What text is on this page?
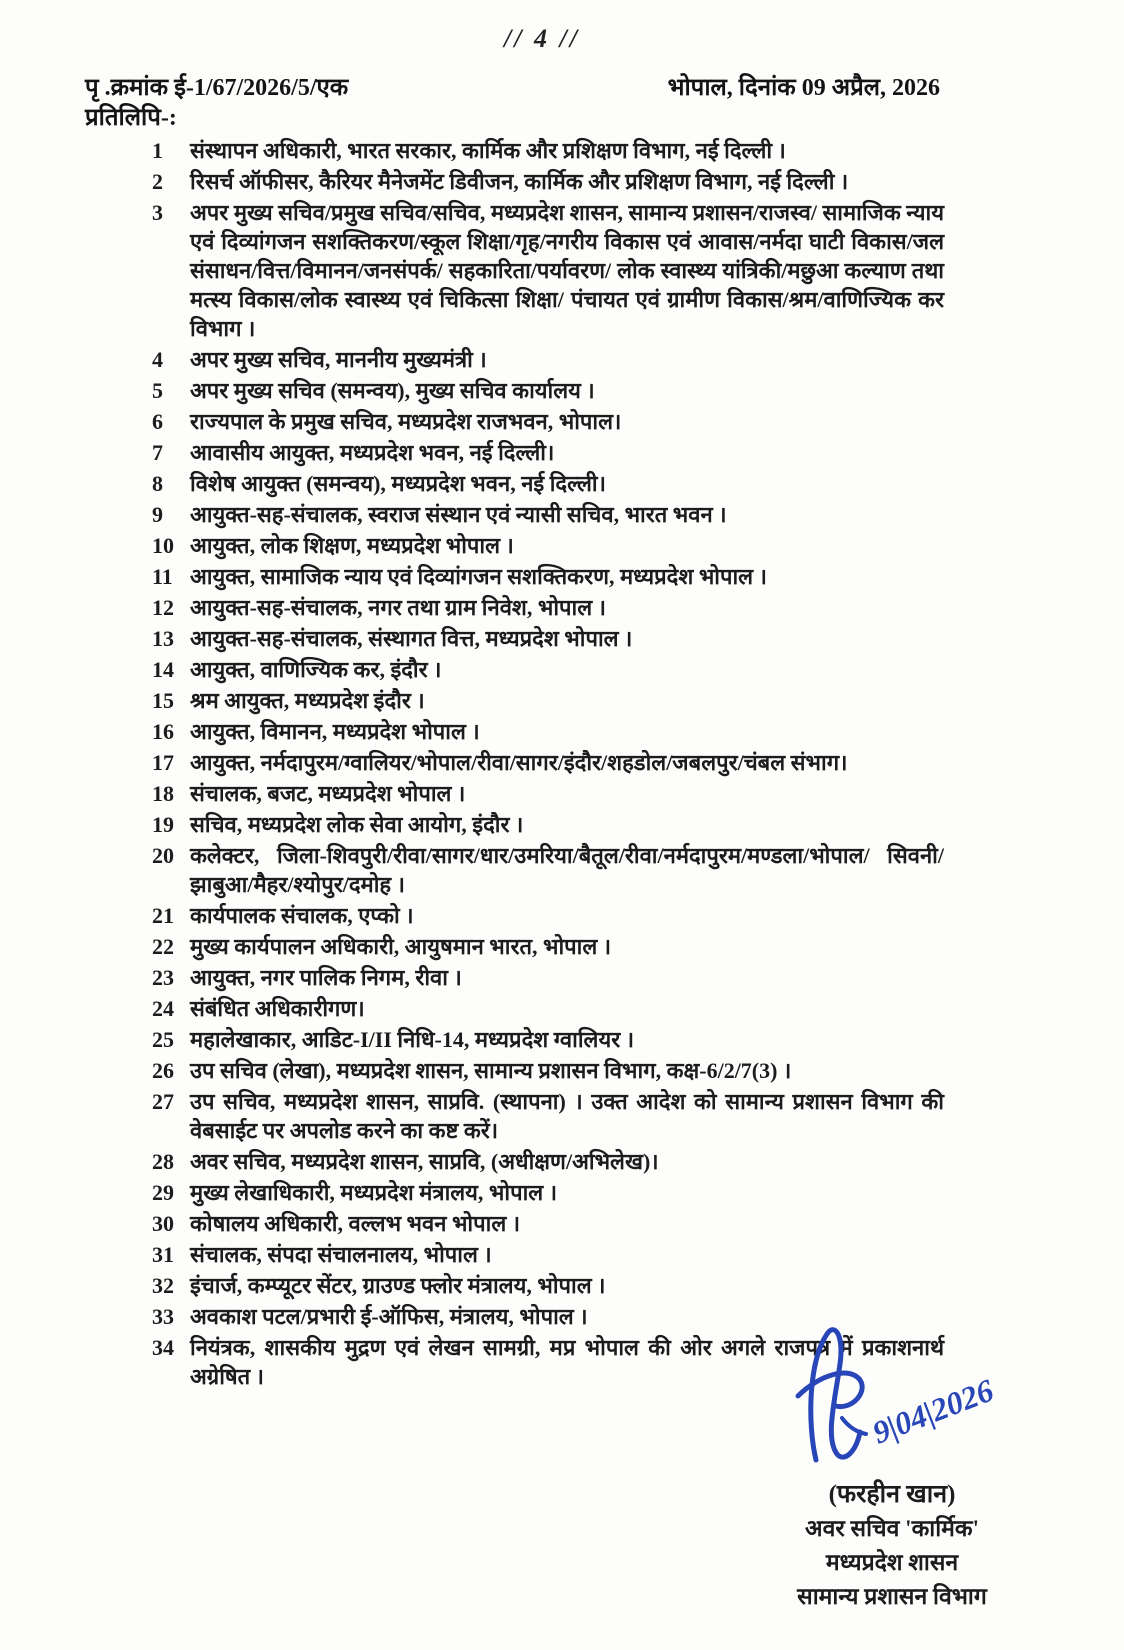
// 4 //
पृ .क्रमांक ई-1/67/2026/5/एक	भोपाल, दिनांक 09 अप्रैल, 2026
प्रतिलिपि-:
1	संस्थापन अधिकारी, भारत सरकार, कार्मिक और प्रशिक्षण विभाग, नई दिल्ली ।
2	रिसर्च ऑफीसर, कैरियर मैनेजमेंट डिवीजन, कार्मिक और प्रशिक्षण विभाग, नई दिल्ली ।
3	अपर मुख्य सचिव/प्रमुख सचिव/सचिव, मध्यप्रदेश शासन, सामान्य प्रशासन/राजस्व/ सामाजिक न्याय एवं दिव्यांगजन सशक्तिकरण/स्कूल शिक्षा/गृह/नगरीय विकास एवं आवास/नर्मदा घाटी विकास/जल संसाधन/वित्त/विमानन/जनसंपर्क/ सहकारिता/पर्यावरण/ लोक स्वास्थ्य यांत्रिकी/मछुआ कल्याण तथा मत्स्य विकास/लोक स्वास्थ्य एवं चिकित्सा शिक्षा/ पंचायत एवं ग्रामीण विकास/श्रम/वाणिज्यिक कर विभाग ।
4	अपर मुख्य सचिव, माननीय मुख्यमंत्री ।
5	अपर मुख्य सचिव (समन्वय), मुख्य सचिव कार्यालय ।
6	राज्यपाल के प्रमुख सचिव, मध्यप्रदेश राजभवन, भोपाल।
7	आवासीय आयुक्त, मध्यप्रदेश भवन, नई दिल्ली।
8	विशेष आयुक्त (समन्वय), मध्यप्रदेश भवन, नई दिल्ली।
9	आयुक्त-सह-संचालक, स्वराज संस्थान एवं न्यासी सचिव, भारत भवन ।
10 आयुक्त, लोक शिक्षण, मध्यप्रदेश भोपाल ।
11 आयुक्त, सामाजिक न्याय एवं दिव्यांगजन सशक्तिकरण, मध्यप्रदेश भोपाल ।
12 आयुक्त-सह-संचालक, नगर तथा ग्राम निवेश, भोपाल ।
13 आयुक्त-सह-संचालक, संस्थागत वित्त, मध्यप्रदेश भोपाल ।
14 आयुक्त, वाणिज्यिक कर, इंदौर ।
15 श्रम आयुक्त, मध्यप्रदेश इंदौर ।
16 आयुक्त, विमानन, मध्यप्रदेश भोपाल ।
17 आयुक्त, नर्मदापुरम/ग्वालियर/भोपाल/रीवा/सागर/इंदौर/शहडोल/जबलपुर/चंबल संभाग।
18 संचालक, बजट, मध्यप्रदेश भोपाल ।
19 सचिव, मध्यप्रदेश लोक सेवा आयोग, इंदौर ।
20 कलेक्टर, जिला-शिवपुरी/रीवा/सागर/धार/उमरिया/बैतूल/रीवा/नर्मदापुरम/मण्डला/भोपाल/ सिवनी/झाबुआ/मैहर/श्योपुर/दमोह ।
21 कार्यपालक संचालक, एप्को ।
22 मुख्य कार्यपालन अधिकारी, आयुषमान भारत, भोपाल ।
23 आयुक्त, नगर पालिक निगम, रीवा ।
24 संबंधित अधिकारीगण।
25 महालेखाकार, आडिट-I/II निधि-14, मध्यप्रदेश ग्वालियर ।
26 उप सचिव (लेखा), मध्यप्रदेश शासन, सामान्य प्रशासन विभाग, कक्ष-6/2/7(3) ।
27 उप सचिव, मध्यप्रदेश शासन, साप्रवि. (स्थापना) । उक्त आदेश को सामान्य प्रशासन विभाग की वेबसाईट पर अपलोड करने का कष्ट करें।
28 अवर सचिव, मध्यप्रदेश शासन, साप्रवि, (अधीक्षण/अभिलेख)।
29 मुख्य लेखाधिकारी, मध्यप्रदेश मंत्रालय, भोपाल ।
30 कोषालय अधिकारी, वल्लभ भवन भोपाल ।
31 संचालक, संपदा संचालनालय, भोपाल ।
32 इंचार्ज, कम्प्यूटर सेंटर, ग्राउण्ड फ्लोर मंत्रालय, भोपाल ।
33 अवकाश पटल/प्रभारी ई-ऑफिस, मंत्रालय, भोपाल ।
34 नियंत्रक, शासकीय मुद्रण एवं लेखन सामग्री, मप्र भोपाल की ओर अगले राजपत्र में प्रकाशनार्थ अग्रेषित ।	9|04|2026
(फरहीन खान)
अवर सचिव 'कार्मिक'
मध्यप्रदेश शासन
सामान्य प्रशासन विभाग
